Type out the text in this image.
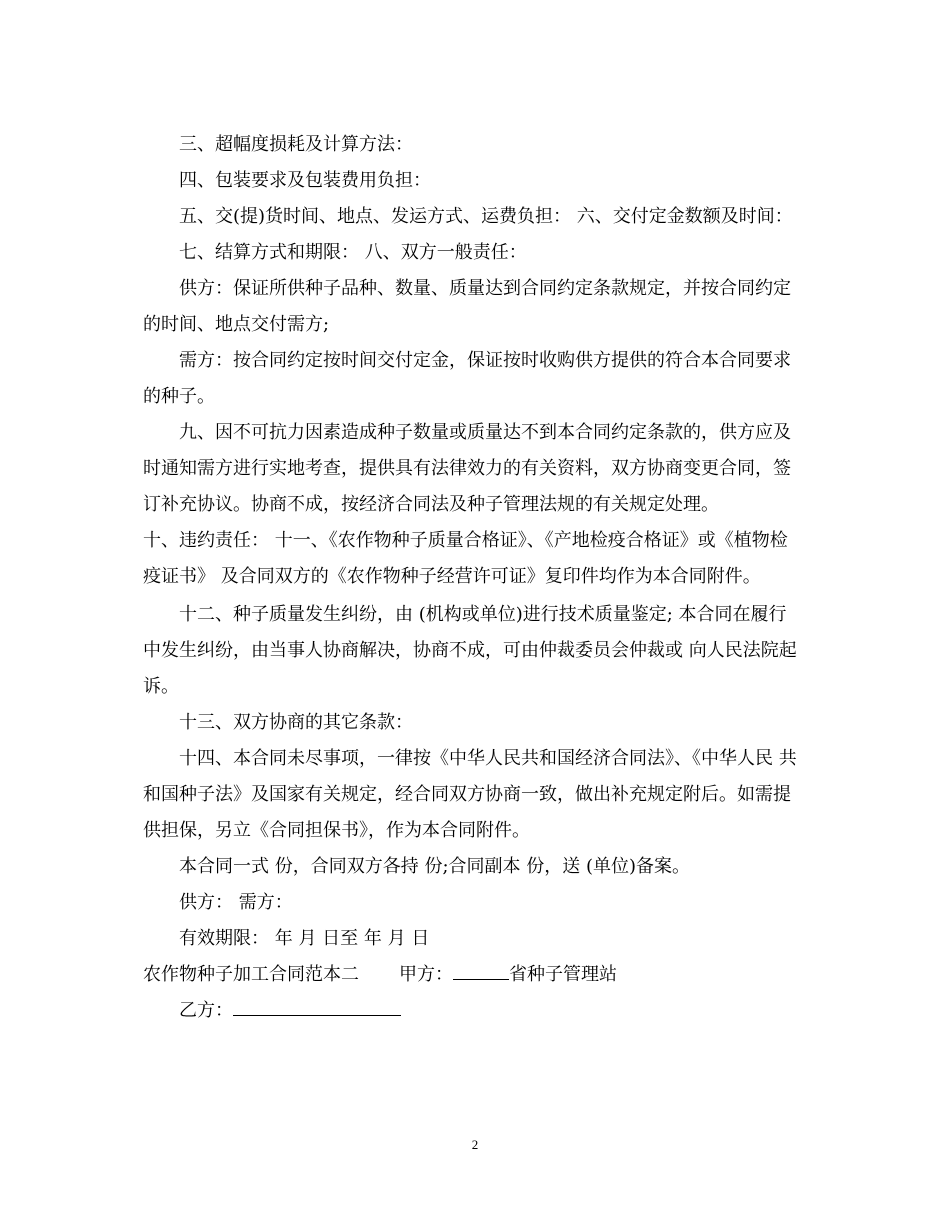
三、超幅度损耗及计算方法：

四、包装要求及包装费用负担：

五、交(提)货时间、地点、发运方式、运费负担： 六、交付定金数额及时间：

七、结算方式和期限： 八、双方一般责任：

供方：保证所供种子品种、数量、质量达到合同约定条款规定，并按合同约定 的时间、地点交付需方;

需方：按合同约定按时间交付定金，保证按时收购供方提供的符合本合同要求 的种子。

九、因不可抗力因素造成种子数量或质量达不到本合同约定条款的，供方应及 时通知需方进行实地考查，提供具有法律效力的有关资料，双方协商变更合同，签 订补充协议。协商不成，按经济合同法及种子管理法规的有关规定处理。

十、违约责任： 十一、《农作物种子质量合格证》、《产地检疫合格证》或《植物检疫证书》 及合同双方的《农作物种子经营许可证》复印件均作为本合同附件。

十二、种子质量发生纠纷，由 (机构或单位)进行技术质量鉴定; 本合同在履行中发生纠纷，由当事人协商解决，协商不成，可由仲裁委员会仲裁或 向人民法院起诉。

十三、双方协商的其它条款：

十四、本合同未尽事项，一律按《中华人民共和国经济合同法》、《中华人民 共和国种子法》及国家有关规定，经合同双方协商一致，做出补充规定附后。如需提供担保，另立《合同担保书》，作为本合同附件。

本合同一式 份，合同双方各持 份;合同副本 份，送 (单位)备案。

供方： 需方：

有效期限： 年 月 日至 年 月 日

农作物种子加工合同范本二 甲方：	省种子管理站

乙方：

2
